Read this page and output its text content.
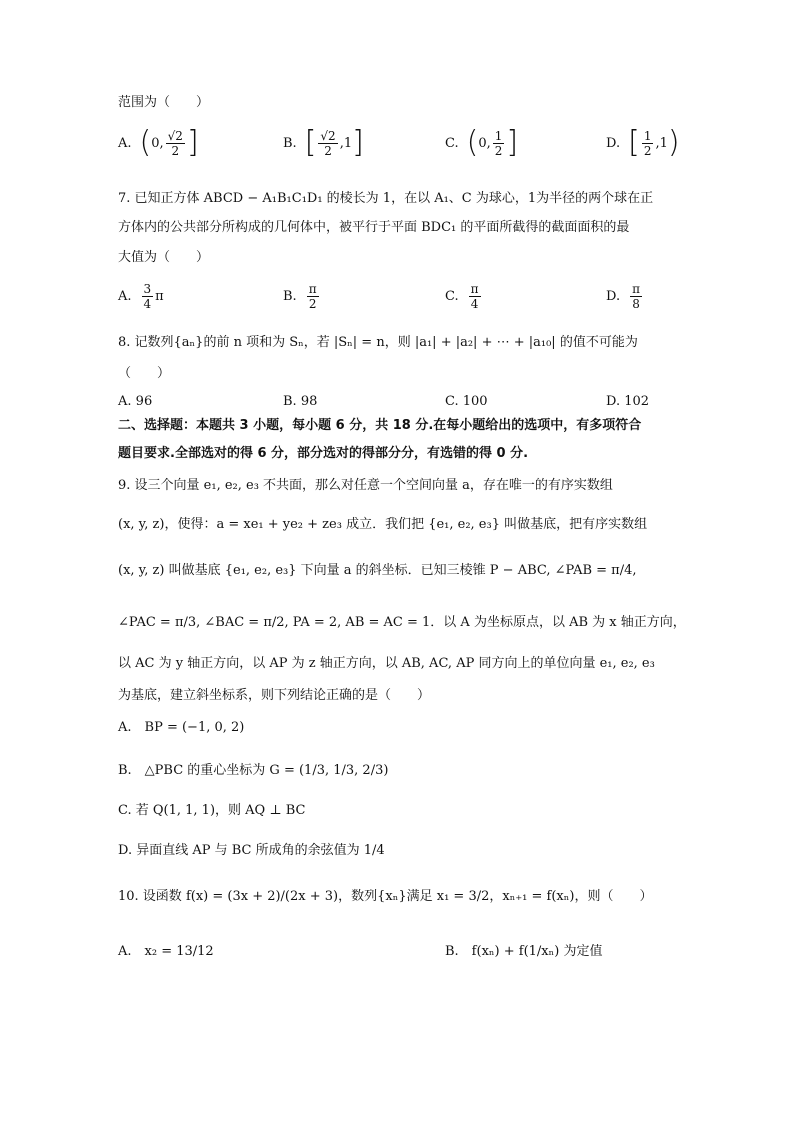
范围为（　　）
A. ( 0, $\frac{√2}{2}$ ]	B. [ $\frac{√2}{2} ,1$ ]	C. ( 0, $\frac{1}{2}$ ]	D. [ $\frac{1}{2} ,1$ )
7. 已知正方体 ABCD − A₁B₁C₁D₁ 的棱长为 1，在以 A₁、C 为球心，1为半径的两个球在正
方体内的公共部分所构成的几何体中，被平行于平面 BDC₁ 的平面所截得的截面面积的最
大值为（　　）
A. $\frac{3}{4}$ π	B. $\frac{\pi}{2}$	C. $\frac{\pi}{4}$	D. $\frac{\pi}{8}$
8. 记数列{aₙ}的前 n 项和为 Sₙ，若 |Sₙ| = n，则 |a₁| + |a₂| + ⋯ + |a₁₀| 的值不可能为
（　　）
A.
96	B.
98	C.
100	D.
102
二、选择题：本题共 3 小题，每小题 6 分，共 18 分.在每小题给出的选项中，有多项符合
题目要求.全部选对的得 6 分，部分选对的得部分分，有选错的得 0 分.
9. 设三个向量 e₁, e₂, e₃ 不共面，那么对任意一个空间向量 a，存在唯一的有序实数组
(x, y, z)，使得：a = xe₁ + ye₂ + ze₃ 成立．我们把 {e₁, e₂, e₃} 叫做基底，把有序实数组
(x, y, z) 叫做基底 {e₁, e₂, e₃} 下向量 a 的斜坐标．已知三棱锥 P − ABC, ∠PAB = π/4,
∠PAC = π/3, ∠BAC = π/2, PA = 2, AB = AC = 1．以 A 为坐标原点，以 AB 为 x 轴正方向，
以 AC 为 y 轴正方向，以 AP 为 z 轴正方向，以 AB, AC, AP 同方向上的单位向量 e₁, e₂, e₃
为基底，建立斜坐标系，则下列结论正确的是（　　）
A.　BP = (−1, 0, 2)
B.　△PBC 的重心坐标为 G = (1/3, 1/3, 2/3)
C. 若 Q(1, 1, 1)，则 AQ ⊥ BC
D. 异面直线 AP 与 BC 所成角的余弦值为 1/4
10. 设函数 f(x) = (3x + 2)/(2x + 3)，数列{xₙ}满足 x₁ = 3/2，xₙ₊₁ = f(xₙ)，则（　　）
A.　x₂ = 13/12	B.　f(xₙ) + f(1/xₙ) 为定值
